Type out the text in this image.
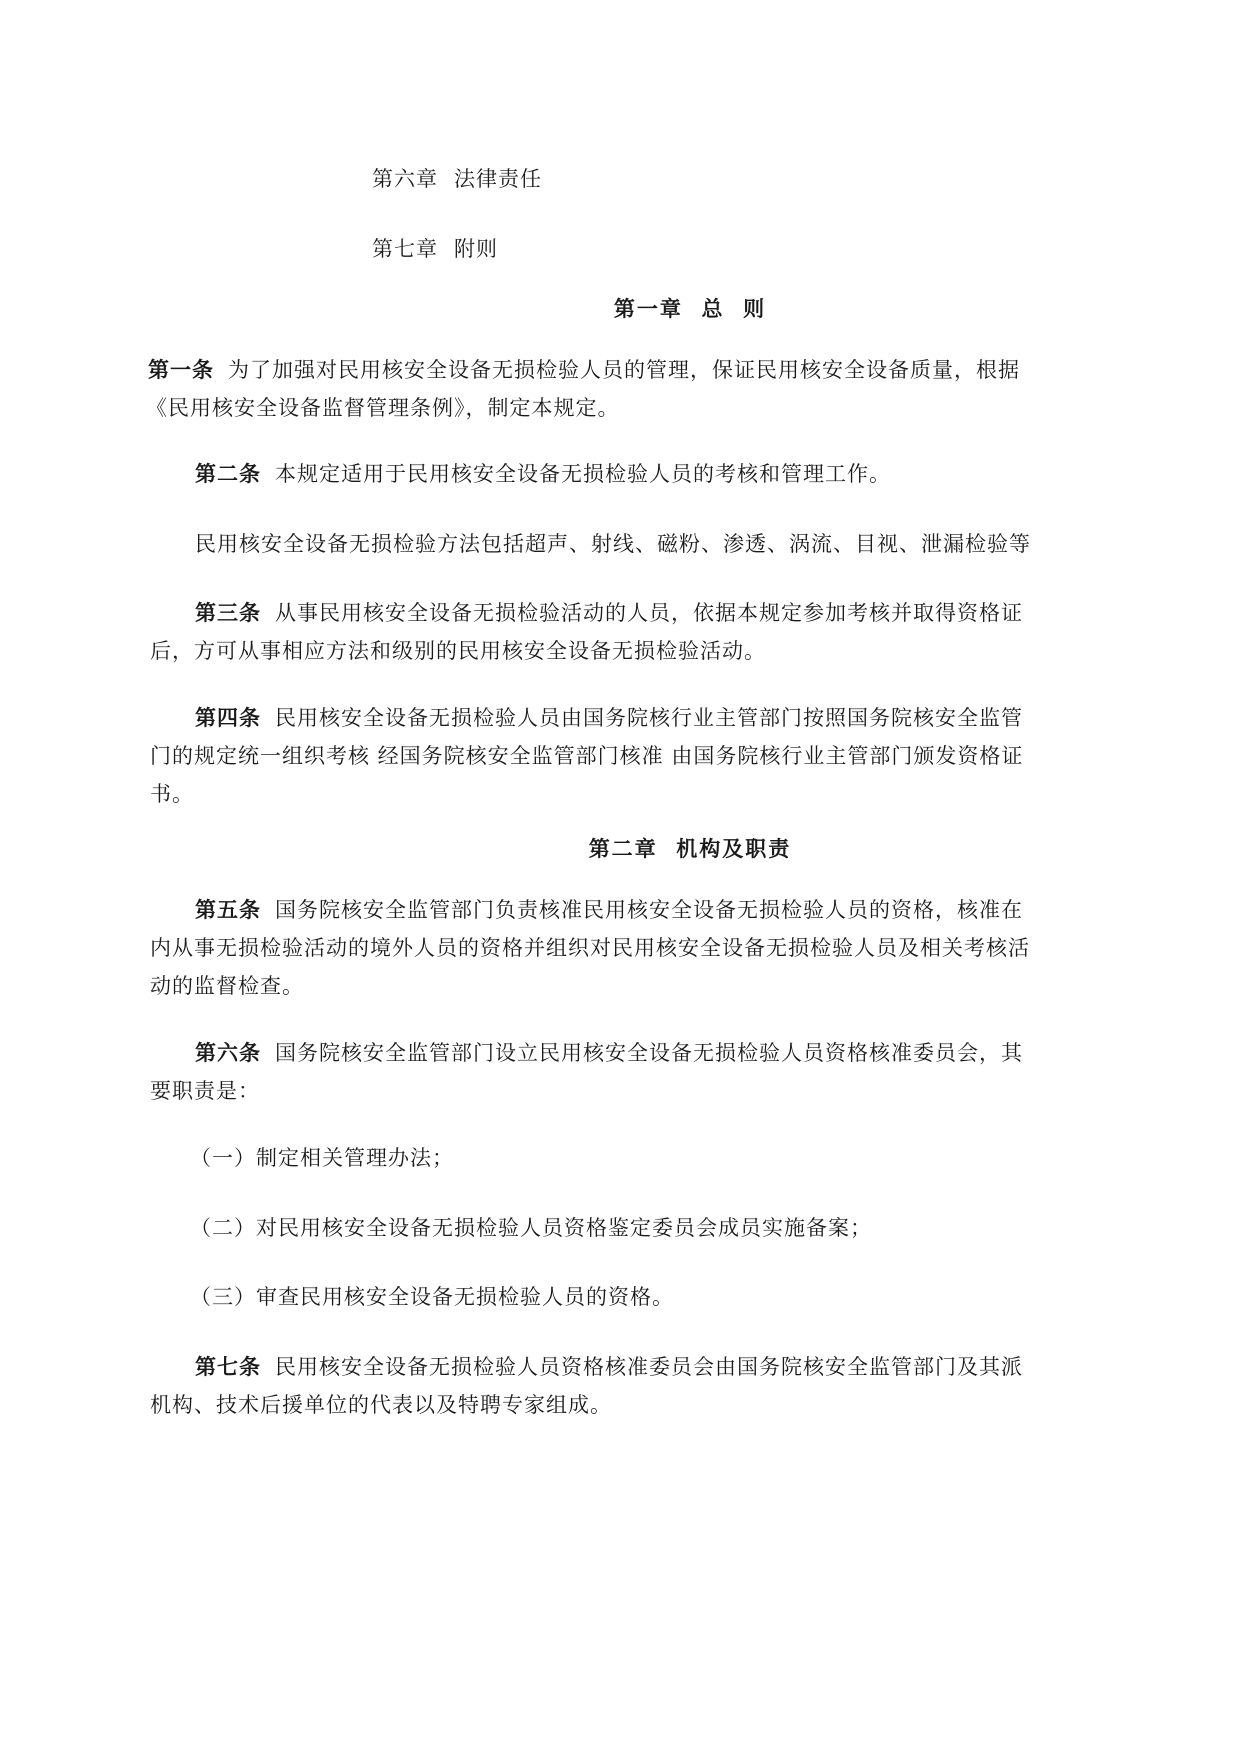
第六章 法律责任
第七章 附则
第一章  总  则
第一条 为了加强对民用核安全设备无损检验人员的管理，保证民用核安全设备质量，根据
《民用核安全设备监督管理条例》，制定本规定。
第二条 本规定适用于民用核安全设备无损检验人员的考核和管理工作。
民用核安全设备无损检验方法包括超声、射线、磁粉、渗透、涡流、目视、泄漏检验等
第三条 从事民用核安全设备无损检验活动的人员，依据本规定参加考核并取得资格证
后，方可从事相应方法和级别的民用核安全设备无损检验活动。
第四条 民用核安全设备无损检验人员由国务院核行业主管部门按照国务院核安全监管
门的规定统一组织考核 经国务院核安全监管部门核准 由国务院核行业主管部门颁发资格证
书。
第二章  机构及职责
第五条 国务院核安全监管部门负责核准民用核安全设备无损检验人员的资格，核准在
内从事无损检验活动的境外人员的资格并组织对民用核安全设备无损检验人员及相关考核活
动的监督检查。
第六条 国务院核安全监管部门设立民用核安全设备无损检验人员资格核准委员会，其
要职责是：
（一）制定相关管理办法；
（二）对民用核安全设备无损检验人员资格鉴定委员会成员实施备案；
（三）审查民用核安全设备无损检验人员的资格。
第七条 民用核安全设备无损检验人员资格核准委员会由国务院核安全监管部门及其派
机构、技术后援单位的代表以及特聘专家组成。
